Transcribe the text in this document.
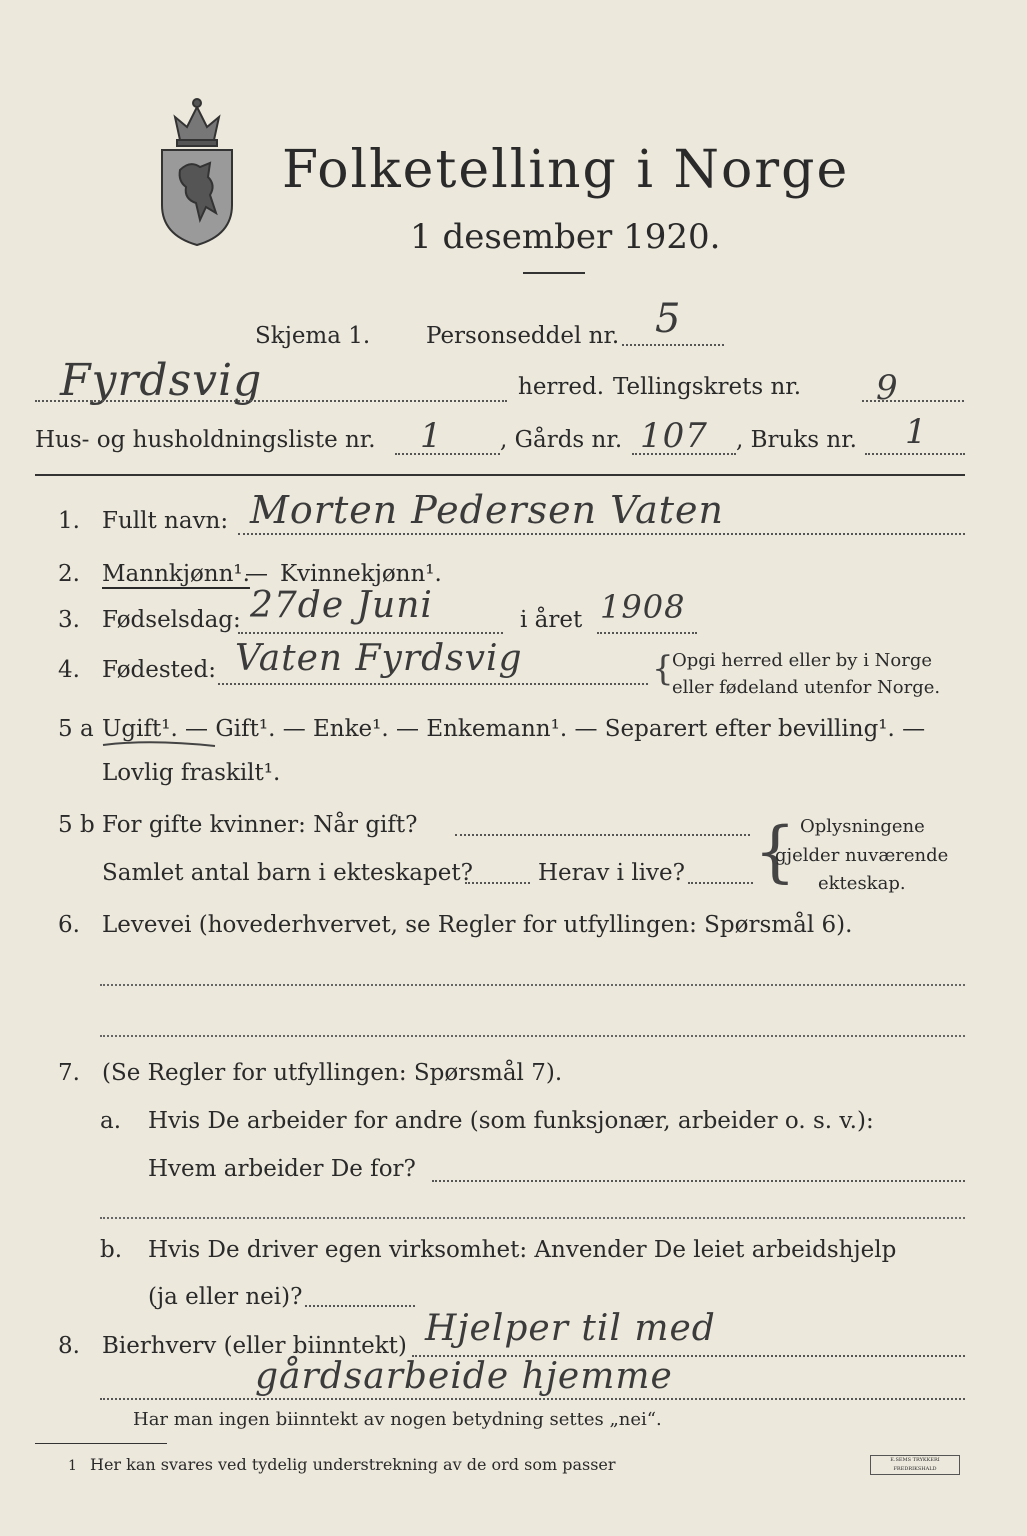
Folketelling i Norge
1 desember 1920.
Skjema 1. Personseddel nr. 5
Fyrdsvig	herred. Tellingskrets nr. 9
Hus- og husholdningsliste nr. 1 , Gårds nr. 107 , Bruks nr. 1
1. Fullt navn: Morten Pedersen Vaten
2. Mannkjønn¹.
— Kvinnekjønn¹.
3. Fødselsdag: 27de Juni	i året 1908
4. Fødested: Vaten Fyrdsvig	{
Opgi herred eller by i Norge
eller fødeland utenfor Norge.
5 a Ugift¹. — Gift¹. — Enke¹. — Enkemann¹. — Separert efter bevilling¹. —
Lovlig fraskilt¹.
5 b For gifte kvinner: Når gift?
Samlet antal barn i ekteskapet?	Herav i live? { Oplysningene
gjelder nuværende
ekteskap.
6. Levevei (hovederhvervet, se Regler for utfyllingen: Spørsmål 6).
7. (Se Regler for utfyllingen: Spørsmål 7).
a. Hvis De arbeider for andre (som funksjonær, arbeider o. s. v.):
Hvem arbeider De for?
b. Hvis De driver egen virksomhet: Anvender De leiet arbeidshjelp
(ja eller nei)?
8. Bierhverv (eller biinntekt) Hjelper til med
gårdsarbeide hjemme
Har man ingen biinntekt av nogen betydning settes „nei“.
1 Her kan svares ved tydelig understrekning av de ord som passer	E.SEMS TRYKKERI FREDRIKSHALD
